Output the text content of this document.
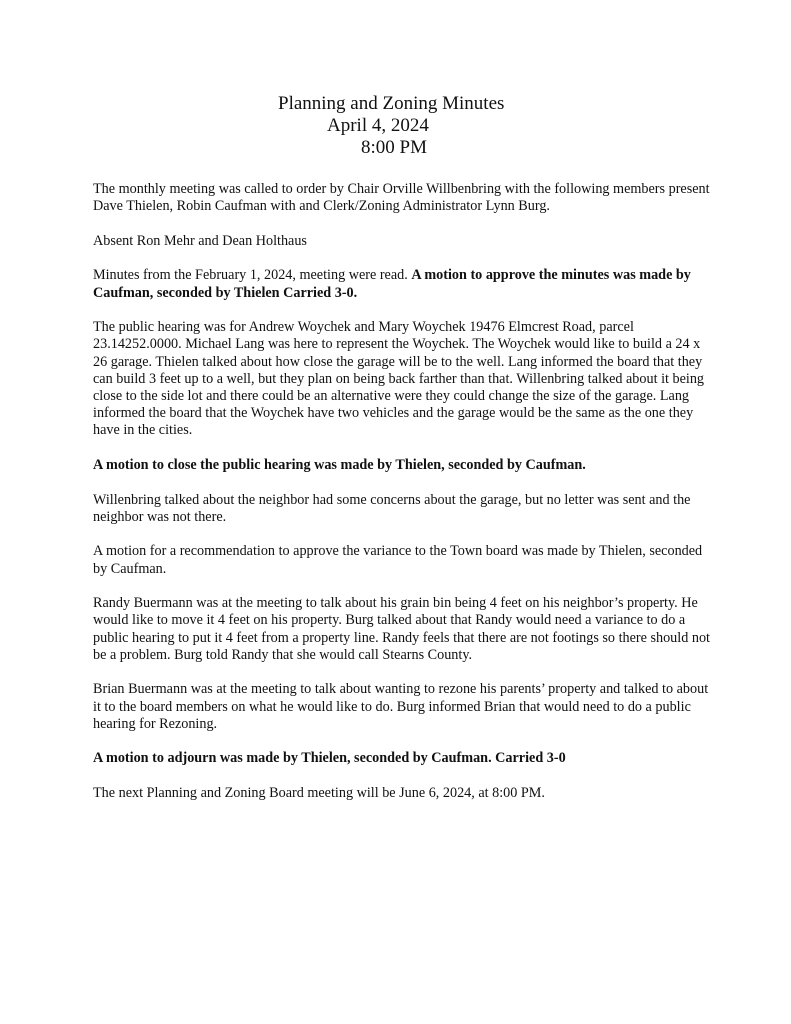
Planning and Zoning Minutes
April 4, 2024
8:00 PM

The monthly meeting was called to order by Chair Orville Willbenbring with the following members present Dave Thielen, Robin Caufman with and Clerk/Zoning Administrator Lynn Burg.

Absent Ron Mehr and Dean Holthaus

Minutes from the February 1, 2024, meeting were read. A motion to approve the minutes was made by Caufman, seconded by Thielen Carried 3-0.

The public hearing was for Andrew Woychek and Mary Woychek 19476 Elmcrest Road, parcel 23.14252.0000. Michael Lang was here to represent the Woychek. The Woychek would like to build a 24 x 26 garage. Thielen talked about how close the garage will be to the well. Lang informed the board that they can build 3 feet up to a well, but they plan on being back farther than that. Willenbring talked about it being close to the side lot and there could be an alternative were they could change the size of the garage. Lang informed the board that the Woychek have two vehicles and the garage would be the same as the one they have in the cities.

A motion to close the public hearing was made by Thielen, seconded by Caufman.

Willenbring talked about the neighbor had some concerns about the garage, but no letter was sent and the neighbor was not there.

A motion for a recommendation to approve the variance to the Town board was made by Thielen, seconded by Caufman.

Randy Buermann was at the meeting to talk about his grain bin being 4 feet on his neighbor’s property. He would like to move it 4 feet on his property. Burg talked about that Randy would need a variance to do a public hearing to put it 4 feet from a property line. Randy feels that there are not footings so there should not be a problem. Burg told Randy that she would call Stearns County.

Brian Buermann was at the meeting to talk about wanting to rezone his parents’ property and talked to about it to the board members on what he would like to do. Burg informed Brian that would need to do a public hearing for Rezoning.

A motion to adjourn was made by Thielen, seconded by Caufman. Carried 3-0

The next Planning and Zoning Board meeting will be June 6, 2024, at 8:00 PM.
